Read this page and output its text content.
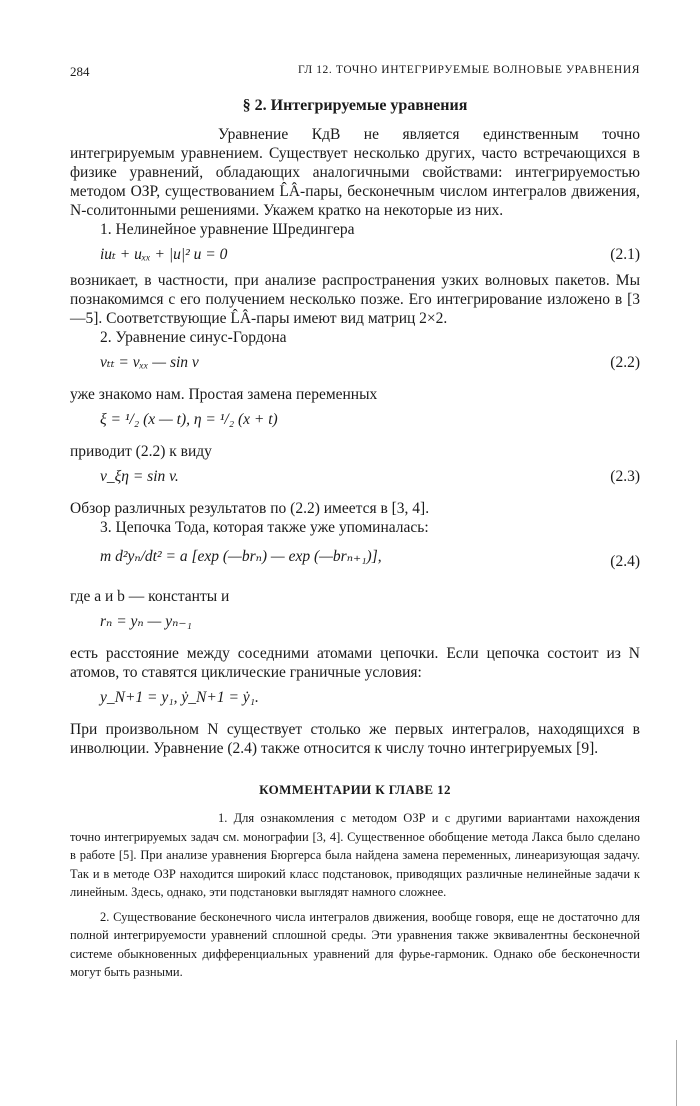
284	ГЛ 12. ТОЧНО ИНТЕГРИРУЕМЫЕ ВОЛНОВЫЕ УРАВНЕНИЯ
§ 2. Интегрируемые уравнения

Уравнение КдВ не является единственным точно интегрируемым уравнением. Существует несколько других, часто встречающихся в физике уравнений, обладающих аналогичными свойствами: интегрируемостью методом ОЗР, существованием L̂Â-пары, бесконечным числом интегралов движения, N-солитонными решениями. Укажем кратко на некоторые из них.

1. Нелинейное уравнение Шредингера

iuₜ + uₓₓ + |u|² u = 0	(2.1)

возникает, в частности, при анализе распространения узких волновых пакетов. Мы познакомимся с его получением несколько позже. Его интегрирование изложено в [3—5]. Соответствующие L̂Â-пары имеют вид матриц 2×2.

2. Уравнение синус-Гордона

vₜₜ = vₓₓ — sin v	(2.2)

уже знакомо нам. Простая замена переменных

ξ = ¹/₂ (x — t), η = ¹/₂ (x + t)

приводит (2.2) к виду

v_ξη = sin v.	(2.3)

Обзор различных результатов по (2.2) имеется в [3, 4].

3. Цепочка Тода, которая также уже упоминалась:

m d²yₙ/dt² = a [exp (—brₙ) — exp (—brₙ₊₁)],	(2.4)

где a и b — константы и

rₙ = yₙ — yₙ₋₁

есть расстояние между соседними атомами цепочки. Если цепочка состоит из N атомов, то ставятся циклические граничные условия:

y_N+1 = y₁, ẏ_N+1 = ẏ₁.

При произвольном N существует столько же первых интегралов, находящихся в инволюции. Уравнение (2.4) также относится к числу точно интегрируемых [9].

КОММЕНТАРИИ К ГЛАВЕ 12

1. Для ознакомления с методом ОЗР и с другими вариантами нахождения точно интегрируемых задач см. монографии [3, 4]. Существенное обобщение метода Лакса было сделано в работе [5]. При анализе уравнения Бюргерса была найдена замена переменных, линеаризующая задачу. Так и в методе ОЗР находится широкий класс подстановок, приводящих различные нелинейные задачи к линейным. Здесь, однако, эти подстановки выглядят намного сложнее.

2. Существование бесконечного числа интегралов движения, вообще говоря, еще не достаточно для полной интегрируемости уравнений сплошной среды. Эти уравнения также эквивалентны бесконечной системе обыкновенных дифференциальных уравнений для фурье-гармоник. Однако обе бесконечности могут быть разными.
